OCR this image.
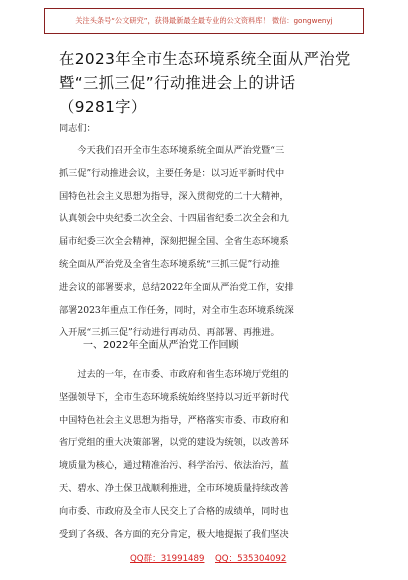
关注头条号“公文研究”，获得最新最全最专业的公文资料库！ 微信：gongwenyj
在2023年全市生态环境系统全面从严治党
暨“三抓三促”行动推进会上的讲话
（9281字）
同志们：
　　今天我们召开全市生态环境系统全面从严治党暨“三
抓三促”行动推进会议，主要任务是：以习近平新时代中
国特色社会主义思想为指导，深入贯彻党的二十大精神，
认真领会中央纪委二次全会、十四届省纪委二次全会和九
届市纪委三次全会精神，深刻把握全国、全省生态环境系
统全面从严治党及全省生态环境系统“三抓三促”行动推
进会议的部署要求，总结2022年全面从严治党工作，安排
部署2023年重点工作任务，同时，对全市生态环境系统深
入开展“三抓三促”行动进行再动员、再部署、再推进。
一、2022年全面从严治党工作回顾
　　过去的一年，在市委、市政府和省生态环境厅党组的
坚强领导下，全市生态环境系统始终坚持以习近平新时代
中国特色社会主义思想为指导，严格落实市委、市政府和
省厅党组的重大决策部署，以党的建设为统领，以改善环
境质量为核心，通过精准治污、科学治污、依法治污，蓝
天、碧水、净土保卫战顺利推进，全市环境质量持续改善
向市委、市政府及全市人民交上了合格的成绩单，同时也
受到了各级、各方面的充分肯定，极大地提振了我们坚决
QQ群：31991489 QQ：535304092
